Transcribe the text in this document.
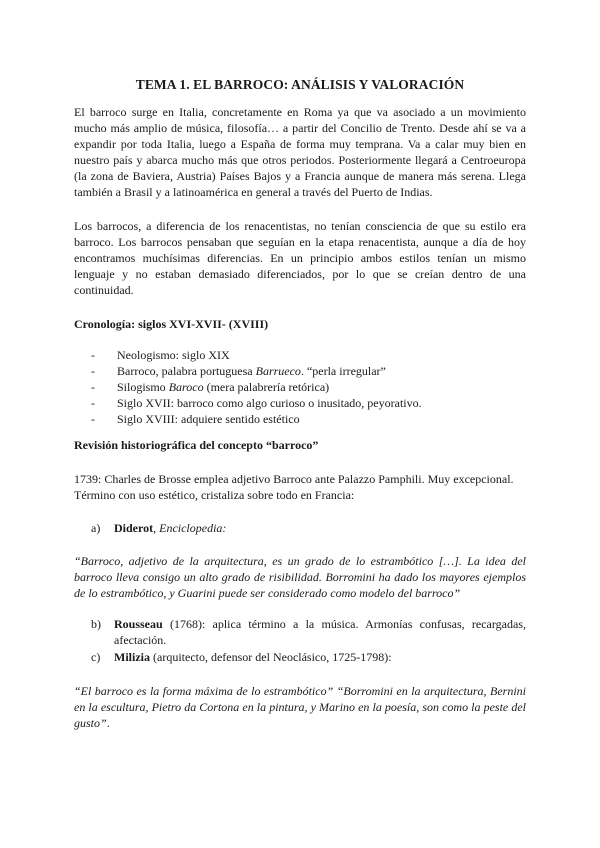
TEMA 1. EL BARROCO: ANÁLISIS Y VALORACIÓN
El barroco surge en Italia, concretamente en Roma ya que va asociado a un movimiento mucho más amplio de música, filosofía… a partir del Concilio de Trento. Desde ahí se va a expandir por toda Italia, luego a España de forma muy temprana. Va a calar muy bien en nuestro país y abarca mucho más que otros periodos. Posteriormente llegará a Centroeuropa (la zona de Baviera, Austria) Países Bajos y a Francia aunque de manera más serena. Llega también a Brasil y a latinoamérica en general a través del Puerto de Indias.
Los barrocos, a diferencia de los renacentistas, no tenían consciencia de que su estilo era barroco. Los barrocos pensaban que seguían en la etapa renacentista, aunque a día de hoy encontramos muchísimas diferencias. En un principio ambos estilos tenían un mismo lenguaje y no estaban demasiado diferenciados, por lo que se creían dentro de una continuidad.
Cronología: siglos XVI-XVII- (XVIII)
- Neologismo: siglo XIX
- Barroco, palabra portuguesa Barrueco. “perla irregular”
- Silogismo Baroco (mera palabrería retórica)
- Siglo XVII: barroco como algo curioso o inusitado, peyorativo.
- Siglo XVIII: adquiere sentido estético
Revisión historiográfica del concepto “barroco”
1739: Charles de Brosse emplea adjetivo Barroco ante Palazzo Pamphili. Muy excepcional. Término con uso estético, cristaliza sobre todo en Francia:
a) Diderot, Enciclopedia:
“Barroco, adjetivo de la arquitectura, es un grado de lo estrambótico […]. La idea del barroco lleva consigo un alto grado de risibilidad. Borromini ha dado los mayores ejemplos de lo estrambótico, y Guarini puede ser considerado como modelo del barroco”
b) Rousseau (1768): aplica término a la música. Armonías confusas, recargadas, afectación.
c) Milizia (arquitecto, defensor del Neoclásico, 1725-1798):
“El barroco es la forma máxima de lo estrambótico” “Borromini en la arquitectura, Bernini en la escultura, Pietro da Cortona en la pintura, y Marino en la poesía, son como la peste del gusto”.
